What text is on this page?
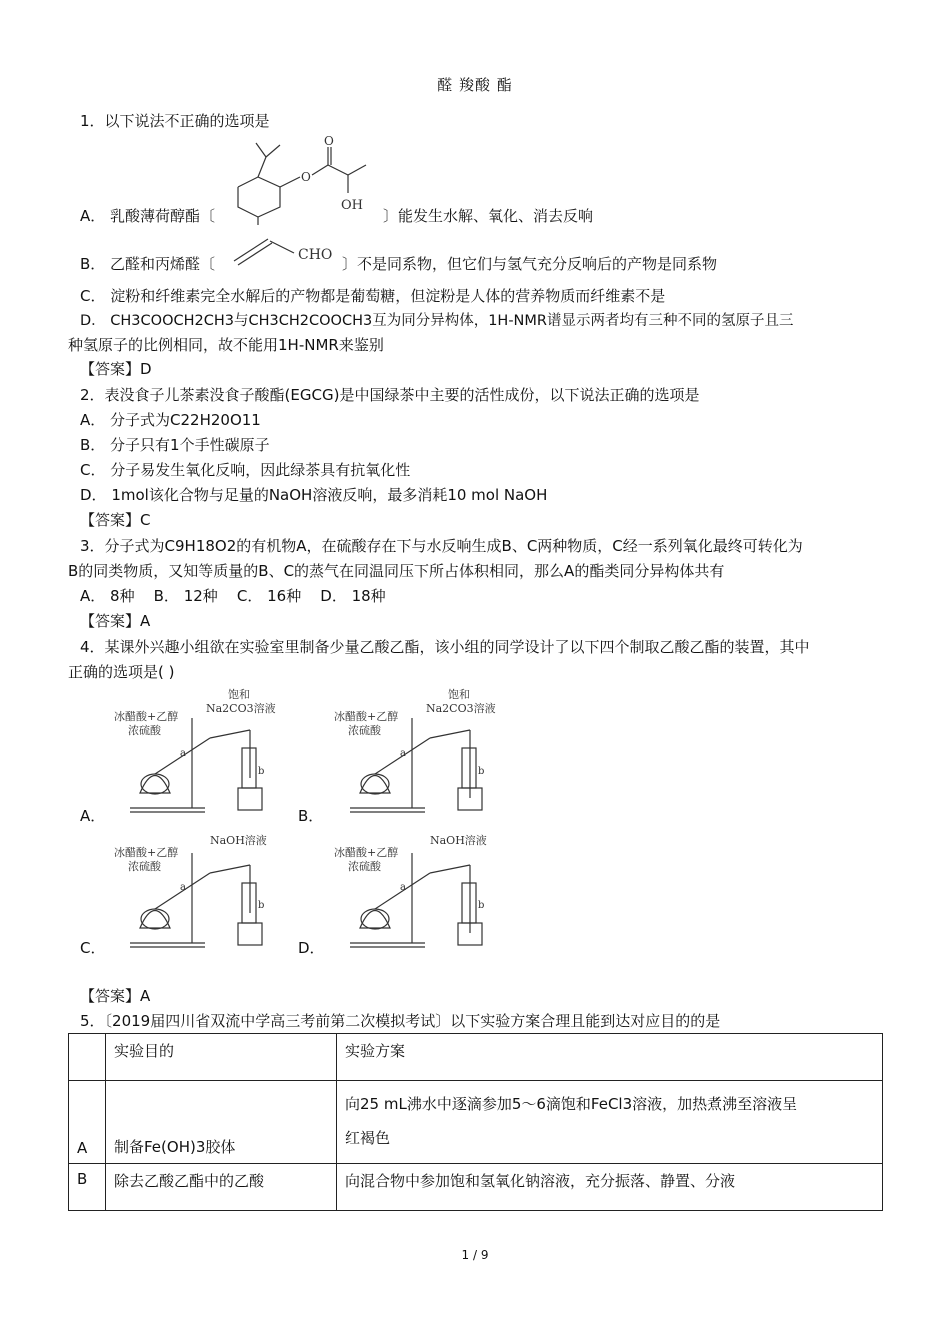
醛 羧酸 酯
1．以下说法不正确的选项是
O
O
OH
A． 乳酸薄荷醇酯〔	〕能发生水解、氧化、消去反响
CHO
B． 乙醛和丙烯醛〔	〕不是同系物，但它们与氢气充分反响后的产物是同系物
C． 淀粉和纤维素完全水解后的产物都是葡萄糖，但淀粉是人体的营养物质而纤维素不是
D． CH3COOCH2CH3与CH3CH2COOCH3互为同分异构体，1H-NMR谱显示两者均有三种不同的氢原子且三
种氢原子的比例相同，故不能用1H-NMR来鉴别
【答案】D
2．表没食子儿茶素没食子酸酯(EGCG)是中国绿茶中主要的活性成份，以下说法正确的选项是
A． 分子式为C22H20O11
B． 分子只有1个手性碳原子
C． 分子易发生氧化反响，因此绿茶具有抗氧化性
D． 1mol该化合物与足量的NaOH溶液反响，最多消耗10 mol NaOH
【答案】C
3．分子式为C9H18O2的有机物A，在硫酸存在下与水反响生成B、C两种物质，C经一系列氧化最终可转化为
B的同类物质，又知等质量的B、C的蒸气在同温同压下所占体积相同，那么A的酯类同分异构体共有
A． 8种    B． 12种    C． 16种    D． 18种
【答案】A
4．某课外兴趣小组欲在实验室里制备少量乙酸乙酯，该小组的同学设计了以下四个制取乙酸乙酯的装置，其中
正确的选项是( )
A．
冰醋酸+乙醇
浓硫酸
饱和
Na2CO3溶液
a
b
B．
冰醋酸+乙醇
浓硫酸
饱和
Na2CO3溶液
a
b
C．
冰醋酸+乙醇
浓硫酸
NaOH溶液
a
b
D．
冰醋酸+乙醇
浓硫酸
NaOH溶液
a
b
【答案】A
5．〔2019届四川省双流中学高三考前第二次模拟考试〕以下实验方案合理且能到达对应目的的是
	实验目的	实验方案
A	制备Fe(OH)3胶体	向25 mL沸水中逐滴参加5～6滴饱和FeCl3溶液，加热煮沸至溶液呈
红褐色

B	除去乙酸乙酯中的乙酸	向混合物中参加饱和氢氧化钠溶液，充分振落、静置、分液
1 / 9
